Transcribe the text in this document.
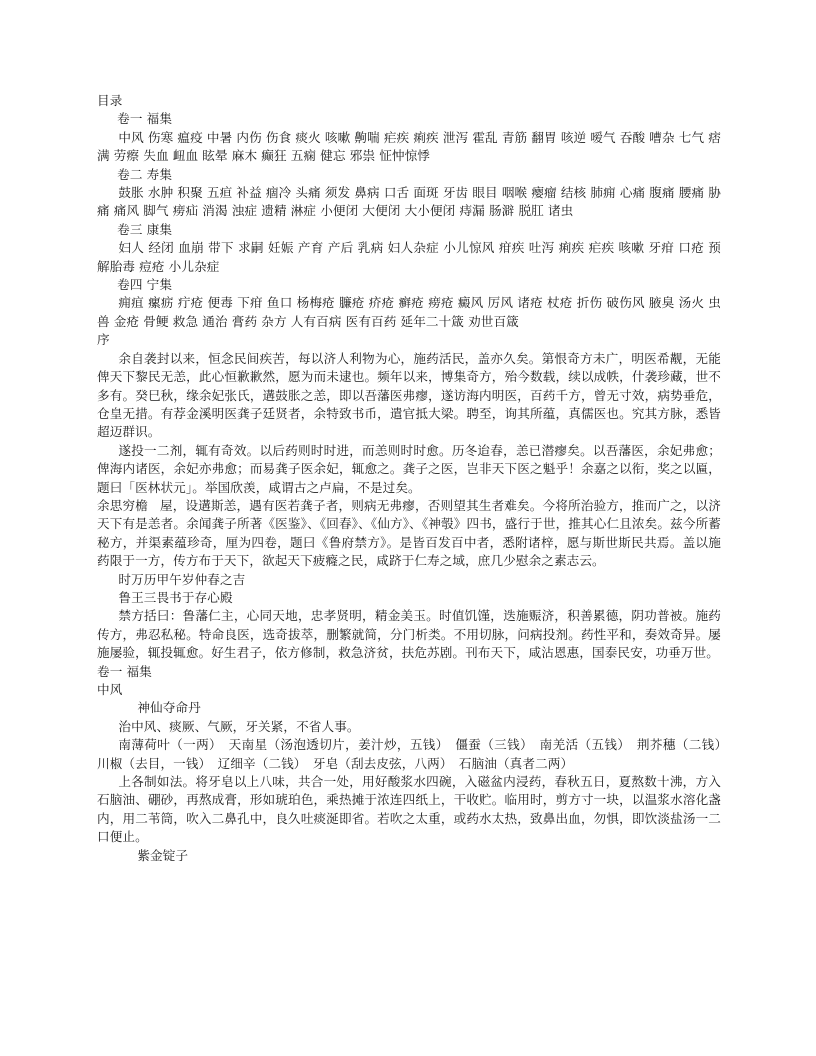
目录

卷一 福集

中风 伤寒 瘟疫 中暑 内伤 伤食 痰火 咳嗽 齁喘 疟疾 痢疾 泄泻 霍乱 青筋 翻胃 咳逆 嗳气 吞酸 嘈杂 七气 痞满 劳瘵 失血 衄血 眩晕 麻木 癫狂 五痫 健忘 邪祟 怔忡惊悸

卷二 寿集

鼓胀 水肿 积聚 五疸 补益 痼冷 头痛 须发 鼻病 口舌 面斑 牙齿 眼目 咽喉 瘿瘤 结核 肺痈 心痛 腹痛 腰痛 胁痛 痛风 脚气 痨疝 消渴 浊症 遗精 淋症 小便闭 大便闭 大小便闭 痔漏 肠澼 脱肛 诸虫

卷三 康集

妇人 经闭 血崩 带下 求嗣 妊娠 产育 产后 乳病 妇人杂症 小儿惊风 疳疾 吐泻 痢疾 疟疾 咳嗽 牙疳 口疮 预解胎毒 痘疮 小儿杂症

卷四 宁集

痈疽 瘰疬 疔疮 便毒 下疳 鱼口 杨梅疮 臁疮 疥疮 癣疮 痨疮 癜风 厉风 诸疮 杖疮 折伤 破伤风 腋臭 汤火 虫兽 金疮 骨鲠 救急 通治 膏药 杂方 人有百病 医有百药 延年二十箴 劝世百箴

序

余自袭封以来，恒念民间疾苦，每以济人利物为心，施药活民，盖亦久矣。第恨奇方未广，明医希觏，无能俾天下黎民无恙，此心恒歉歉然，愿为而未逮也。频年以来，博集奇方，殆今数载，续以成帙，什袭珍藏，世不多有。癸巳秋，缘余妃张氏，遘鼓胀之恙，即以吾藩医弗瘳，遂访海内明医，百药千方，曾无寸效，病势垂危，仓皇无措。有荐金溪明医龚子廷贤者，余特致书币，遣官抵大梁。聘至，询其所蕴，真儒医也。究其方脉，悉皆超迈群识。

遂投一二剂，辄有奇效。以后药则时时进，而恙则时时愈。历冬迨春，恙已潜瘳矣。以吾藩医，余妃弗愈；俾海内诸医，余妃亦弗愈；而易龚子医余妃，辄愈之。龚子之医，岂非天下医之魁乎！余嘉之以衔，奖之以匾，题曰「医林状元」。举国欣羡，咸谓古之卢扁，不是过矣。

余思穷檐 屋，设遘斯恙，遇有医若龚子者，则病无弗瘳，否则望其生者难矣。今将所治验方，推而广之，以济天下有是恙者。余闻龚子所著《医鉴》、《回春》、《仙方》、《神彀》四书，盛行于世，推其心仁且浓矣。兹今所蓄秘方，并渠素蕴珍奇，厘为四卷，题曰《鲁府禁方》。是皆百发百中者，悉附诸梓，愿与斯世斯民共焉。盖以施药限于一方，传方布于天下，欲起天下疲癃之民，咸跻于仁寿之域，庶几少慰余之素志云。

时万历甲午岁仲春之吉

鲁王三畏书于存心殿

禁方括曰：鲁藩仁主，心同天地，忠孝贤明，精金美玉。时值饥馑，迭施赈济，积善累德，阴功普被。施药传方，弗忍私秘。特命良医，选奇拔萃，删繁就简，分门析类。不用切脉，问病投剂。药性平和，奏效奇异。屡施屡验，辄投辄愈。好生君子，依方修制，救急济贫，扶危苏剧。刊布天下，咸沾恩惠，国泰民安，功垂万世。

卷一 福集

中风

神仙夺命丹

治中风、痰厥、气厥，牙关紧，不省人事。

南薄荷叶（一两）　天南星（汤泡透切片，姜汁炒，五钱）　僵蚕（三钱）　南羌活（五钱）　荆芥穗（二钱）　川椒（去目，一钱）　辽细辛（二钱）　牙皂（刮去皮弦，八两）　石脑油（真者二两）

上各制如法。将牙皂以上八味，共合一处，用好酸浆水四碗，入磁盆内浸药，春秋五日，夏熬数十沸，方入石脑油、硼砂，再熬成膏，形如琥珀色，乘热摊于浓连四纸上，干收贮。临用时，剪方寸一块，以温浆水溶化盏内，用二苇筒，吹入二鼻孔中，良久吐痰涎即省。若吹之太重，或药水太热，致鼻出血，勿惧，即饮淡盐汤一二口便止。

紫金锭子
